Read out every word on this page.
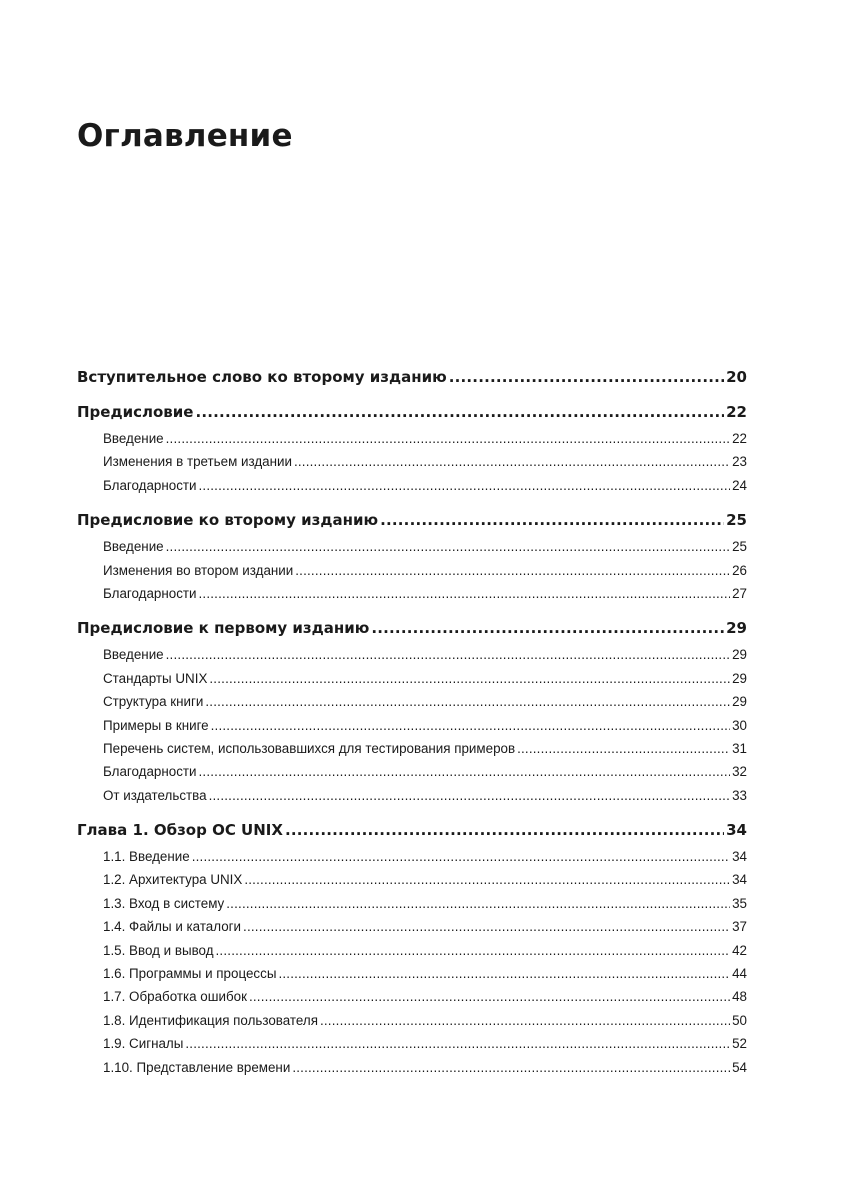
Оглавление
Вступительное слово ко второму изданию .....	20
Предисловие .....	22
Введение .....	22
Изменения в третьем издании .....	23
Благодарности .....	24
Предисловие ко второму изданию .....	25
Введение .....	25
Изменения во втором издании .....	26
Благодарности .....	27
Предисловие к первому изданию .....	29
Введение .....	29
Стандарты UNIX .....	29
Структура книги .....	29
Примеры в книге .....	30
Перечень систем, использовавшихся для тестирования примеров .....	31
Благодарности .....	32
От издательства .....	33
Глава 1. Обзор ОС UNIX .....	34
1.1. Введение .....	34
1.2. Архитектура UNIX .....	34
1.3. Вход в систему .....	35
1.4. Файлы и каталоги .....	37
1.5. Ввод и вывод .....	42
1.6. Программы и процессы .....	44
1.7. Обработка ошибок .....	48
1.8. Идентификация пользователя .....	50
1.9. Сигналы .....	52
1.10. Представление времени .....	54
